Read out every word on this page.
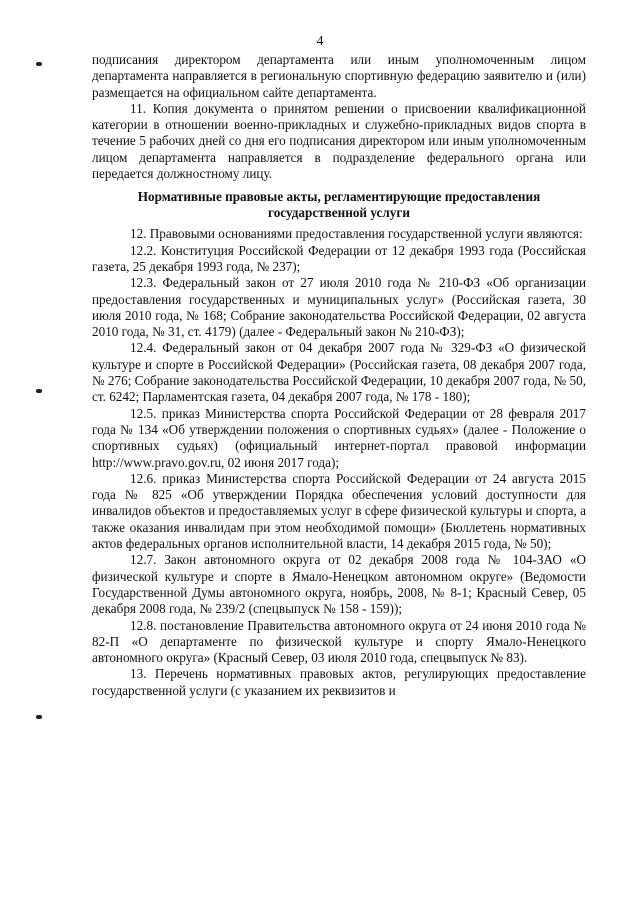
4

подписания директором департамента или иным уполномоченным лицом департамента направляется в региональную спортивную федерацию заявителю и (или) размещается на официальном сайте департамента.

11. Копия документа о принятом решении о присвоении квалификационной категории в отношении военно-прикладных и служебно-прикладных видов спорта в течение 5 рабочих дней со дня его подписания директором или иным уполномоченным лицом департамента направляется в подразделение федерального органа или передается должностному лицу.

Нормативные правовые акты, регламентирующие предоставления государственной услуги

12. Правовыми основаниями предоставления государственной услуги являются:

12.2. Конституция Российской Федерации от 12 декабря 1993 года (Российская газета, 25 декабря 1993 года, № 237);

12.3. Федеральный закон от 27 июля 2010 года № 210-ФЗ «Об организации предоставления государственных и муниципальных услуг» (Российская газета, 30 июля 2010 года, № 168; Собрание законодательства Российской Федерации, 02 августа 2010 года, № 31, ст. 4179) (далее - Федеральный закон № 210-ФЗ);

12.4. Федеральный закон от 04 декабря 2007 года № 329-ФЗ «О физической культуре и спорте в Российской Федерации» (Российская газета, 08 декабря 2007 года, № 276; Собрание законодательства Российской Федерации, 10 декабря 2007 года, № 50, ст. 6242; Парламентская газета, 04 декабря 2007 года, № 178 - 180);

12.5. приказ Министерства спорта Российской Федерации от 28 февраля 2017 года № 134 «Об утверждении положения о спортивных судьях» (далее - Положение о спортивных судьях) (официальный интернет-портал правовой информации http://www.pravo.gov.ru, 02 июня 2017 года);

12.6. приказ Министерства спорта Российской Федерации от 24 августа 2015 года № 825 «Об утверждении Порядка обеспечения условий доступности для инвалидов объектов и предоставляемых услуг в сфере физической культуры и спорта, а также оказания инвалидам при этом необходимой помощи» (Бюллетень нормативных актов федеральных органов исполнительной власти, 14 декабря 2015 года, № 50);

12.7. Закон автономного округа от 02 декабря 2008 года № 104-ЗАО «О физической культуре и спорте в Ямало-Ненецком автономном округе» (Ведомости Государственной Думы автономного округа, ноябрь, 2008, № 8-1; Красный Север, 05 декабря 2008 года, № 239/2 (спецвыпуск № 158 - 159));

12.8. постановление Правительства автономного округа от 24 июня 2010 года № 82-П «О департаменте по физической культуре и спорту Ямало-Ненецкого автономного округа» (Красный Север, 03 июля 2010 года, спецвыпуск № 83).

13. Перечень нормативных правовых актов, регулирующих предоставление государственной услуги (с указанием их реквизитов и
